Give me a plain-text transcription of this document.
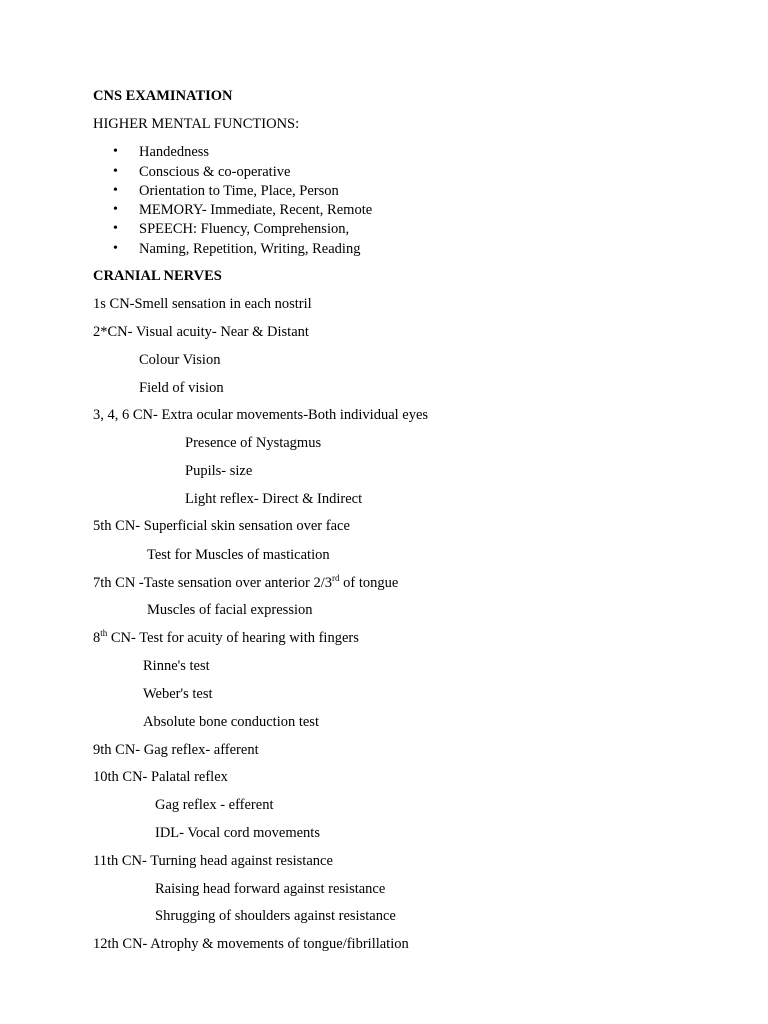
CNS EXAMINATION
HIGHER MENTAL FUNCTIONS:
• Handedness
• Conscious & co-operative
• Orientation to Time, Place, Person
• MEMORY- Immediate, Recent, Remote
• SPEECH: Fluency, Comprehension,
• Naming, Repetition, Writing, Reading
CRANIAL NERVES
1s CN-Smell sensation in each nostril
2*CN- Visual acuity- Near & Distant
Colour Vision
Field of vision
3, 4, 6 CN- Extra ocular movements-Both individual eyes
Presence of Nystagmus
Pupils- size
Light reflex- Direct & Indirect
5th CN- Superficial skin sensation over face
Test for Muscles of mastication
7th CN -Taste sensation over anterior 2/3rd of tongue
Muscles of facial expression
8th CN- Test for acuity of hearing with fingers
Rinne's test
Weber's test
Absolute bone conduction test
9th CN- Gag reflex- afferent
10th CN- Palatal reflex
Gag reflex - efferent
IDL- Vocal cord movements
11th CN- Turning head against resistance
Raising head forward against resistance
Shrugging of shoulders against resistance
12th CN- Atrophy & movements of tongue/fibrillation
